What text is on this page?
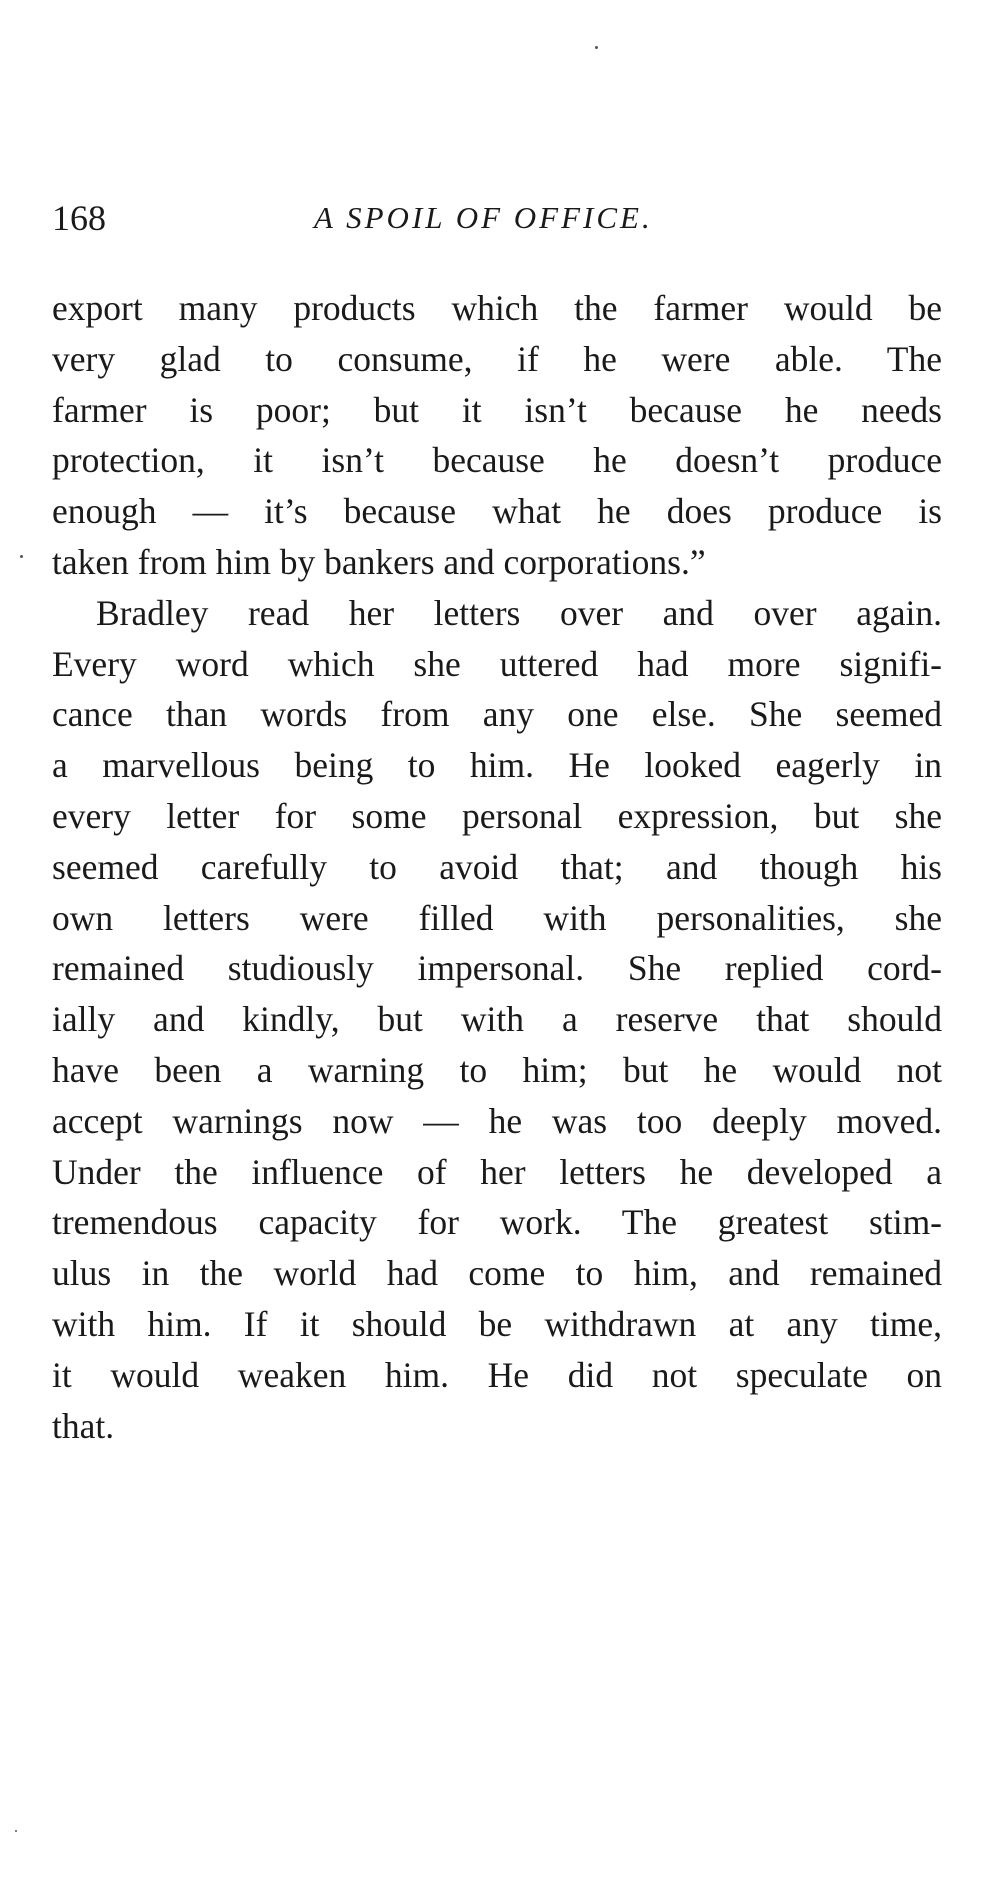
168	A SPOIL OF OFFICE.
export many products which the farmer would be
very glad to consume, if he were able. The
farmer is poor; but it isn’t because he needs
protection, it isn’t because he doesn’t produce
enough — it’s because what he does produce is
taken from him by bankers and corporations.”
Bradley read her letters over and over again.
Every word which she uttered had more signifi-
cance than words from any one else. She seemed
a marvellous being to him. He looked eagerly in
every letter for some personal expression, but she
seemed carefully to avoid that; and though his
own letters were filled with personalities, she
remained studiously impersonal. She replied cord-
ially and kindly, but with a reserve that should
have been a warning to him; but he would not
accept warnings now — he was too deeply moved.
Under the influence of her letters he developed a
tremendous capacity for work. The greatest stim-
ulus in the world had come to him, and remained
with him. If it should be withdrawn at any time,
it would weaken him. He did not speculate on
that.
